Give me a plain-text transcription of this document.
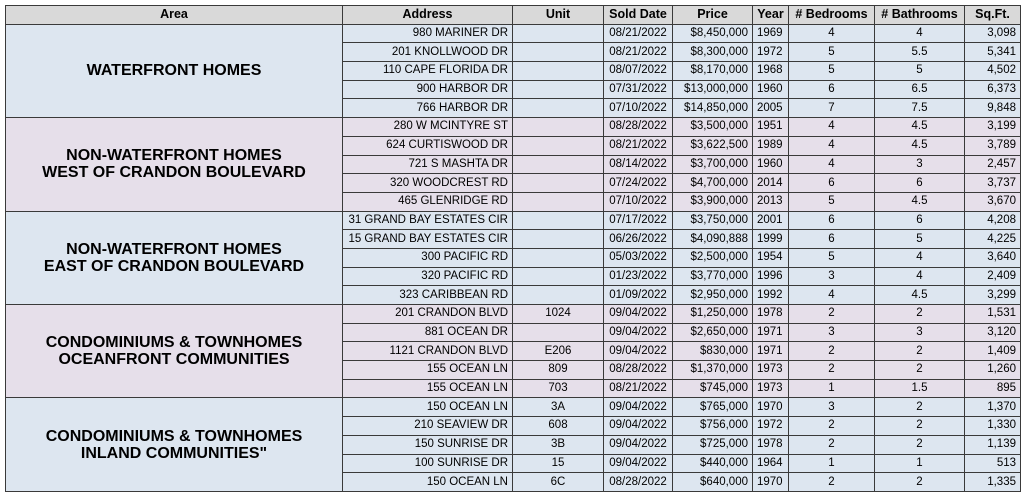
Area	Address	Unit	Sold Date	Price	Year	# Bedrooms	# Bathrooms	Sq.Ft.

WATERFRONT HOMES	980 MARINER DR		08/21/2022	$8,450,000	1969	4	4	3,098
	201 KNOLLWOOD DR		08/21/2022	$8,300,000	1972	5	5.5	5,341
	110 CAPE FLORIDA DR		08/07/2022	$8,170,000	1968	5	5	4,502
	900 HARBOR DR		07/31/2022	$13,000,000	1960	6	6.5	6,373
	766 HARBOR DR		07/10/2022	$14,850,000	2005	7	7.5	9,848

NON-WATERFRONT HOMES
WEST OF CRANDON BOULEVARD	280 W MCINTYRE ST		08/28/2022	$3,500,000	1951	4	4.5	3,199
	624 CURTISWOOD DR		08/21/2022	$3,622,500	1989	4	4.5	3,789
	721 S MASHTA DR		08/14/2022	$3,700,000	1960	4	3	2,457
	320 WOODCREST RD		07/24/2022	$4,700,000	2014	6	6	3,737
	465 GLENRIDGE RD		07/10/2022	$3,900,000	2013	5	4.5	3,670

NON-WATERFRONT HOMES
EAST OF CRANDON BOULEVARD	31 GRAND BAY ESTATES CIR		07/17/2022	$3,750,000	2001	6	6	4,208
	15 GRAND BAY ESTATES CIR		06/26/2022	$4,090,888	1999	6	5	4,225
	300 PACIFIC RD		05/03/2022	$2,500,000	1954	5	4	3,640
	320 PACIFIC RD		01/23/2022	$3,770,000	1996	3	4	2,409
	323 CARIBBEAN RD		01/09/2022	$2,950,000	1992	4	4.5	3,299

CONDOMINIUMS & TOWNHOMES
OCEANFRONT COMMUNITIES	201 CRANDON BLVD	1024	09/04/2022	$1,250,000	1978	2	2	1,531
	881 OCEAN DR		09/04/2022	$2,650,000	1971	3	3	3,120
	1121 CRANDON BLVD	E206	09/04/2022	$830,000	1971	2	2	1,409
	155 OCEAN LN	809	08/28/2022	$1,370,000	1973	2	2	1,260
	155 OCEAN LN	703	08/21/2022	$745,000	1973	1	1.5	895

CONDOMINIUMS & TOWNHOMES
INLAND COMMUNITIES"	150 OCEAN LN	3A	09/04/2022	$765,000	1970	3	2	1,370
	210 SEAVIEW DR	608	09/04/2022	$756,000	1972	2	2	1,330
	150 SUNRISE DR	3B	09/04/2022	$725,000	1978	2	2	1,139
	100 SUNRISE DR	15	09/04/2022	$440,000	1964	1	1	513
	150 OCEAN LN	6C	08/28/2022	$640,000	1970	2	2	1,335
